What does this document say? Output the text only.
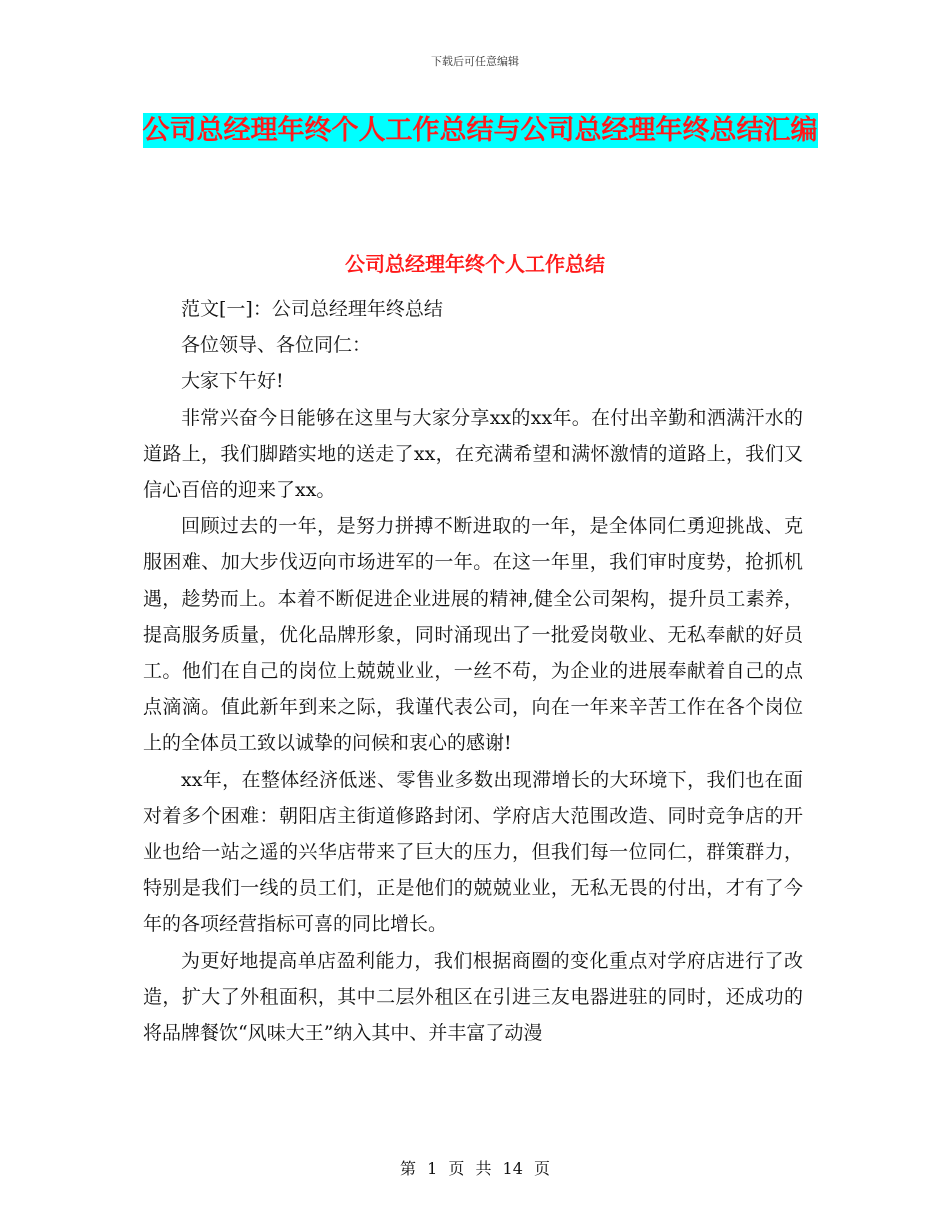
下载后可任意编辑
公司总经理年终个人工作总结与公司总经理年终总结汇编
公司总经理年终个人工作总结

范文[一]：公司总经理年终总结

各位领导、各位同仁：

大家下午好!

非常兴奋今日能够在这里与大家分享xx的xx年。在付出辛勤和洒满汗水的道路上，我们脚踏实地的送走了xx，在充满希望和满怀激情的道路上，我们又信心百倍的迎来了xx。

回顾过去的一年，是努力拼搏不断进取的一年，是全体同仁勇迎挑战、克服困难、加大步伐迈向市场进军的一年。在这一年里，我们审时度势，抢抓机遇，趁势而上。本着不断促进企业进展的精神,健全公司架构，提升员工素养，提高服务质量，优化品牌形象，同时涌现出了一批爱岗敬业、无私奉献的好员工。他们在自己的岗位上兢兢业业，一丝不苟，为企业的进展奉献着自己的点点滴滴。值此新年到来之际，我谨代表公司，向在一年来辛苦工作在各个岗位上的全体员工致以诚挚的问候和衷心的感谢!

xx年，在整体经济低迷、零售业多数出现滞增长的大环境下，我们也在面对着多个困难：朝阳店主街道修路封闭、学府店大范围改造、同时竞争店的开业也给一站之遥的兴华店带来了巨大的压力，但我们每一位同仁，群策群力，特别是我们一线的员工们，正是他们的兢兢业业，无私无畏的付出，才有了今年的各项经营指标可喜的同比增长。

为更好地提高单店盈利能力，我们根据商圈的变化重点对学府店进行了改造，扩大了外租面积，其中二层外租区在引进三友电器进驻的同时，还成功的将品牌餐饮“风味大王”纳入其中、并丰富了动漫

第 1 页 共 14 页
